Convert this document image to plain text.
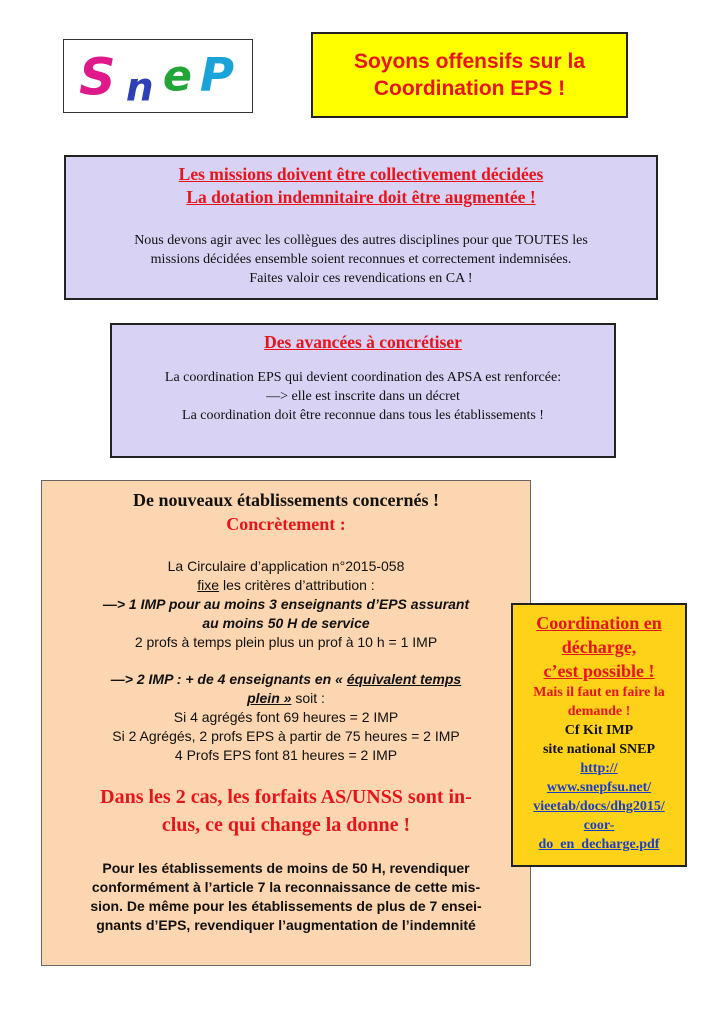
S n e P	Soyons offensifs sur la
Coordination EPS !
Les missions doivent être collectivement décidées
La dotation indemnitaire doit être augmentée !
Nous devons agir avec les collègues des autres disciplines pour que TOUTES les
missions décidées ensemble soient reconnues et correctement indemnisées.
Faites valoir ces revendications en CA !
Des avancées à concrétiser
La coordination EPS qui devient coordination des APSA est renforcée:
—> elle est inscrite dans un décret
La coordination doit être reconnue dans tous les établissements !
De nouveaux établissements concernés !
Concrètement :
La Circulaire d’application n°2015-058
fixe les critères d’attribution :
—> 1 IMP pour au moins 3 enseignants d’EPS assurant
au moins 50 H de service
2 profs à temps plein plus un prof à 10 h = 1 IMP
—> 2 IMP : + de 4 enseignants en « équivalent temps
plein » soit :
Si 4 agrégés font 69 heures = 2 IMP
Si 2 Agrégés, 2 profs EPS à partir de 75 heures = 2 IMP
4 Profs EPS font 81 heures = 2 IMP
Dans les 2 cas, les forfaits AS/UNSS sont in-
clus, ce qui change la donne !
Pour les établissements de moins de 50 H, revendiquer
conformément à l’article 7 la reconnaissance de cette mis-
sion. De même pour les établissements de plus de 7 ensei-
gnants d’EPS, revendiquer l’augmentation de l’indemnité
Coordination en
décharge,
c’est possible !
Mais il faut en faire la
demande !
Cf Kit IMP
site national SNEP
http://
www.snepfsu.net/
vieetab/docs/dhg2015/
coor-
do_en_decharge.pdf
